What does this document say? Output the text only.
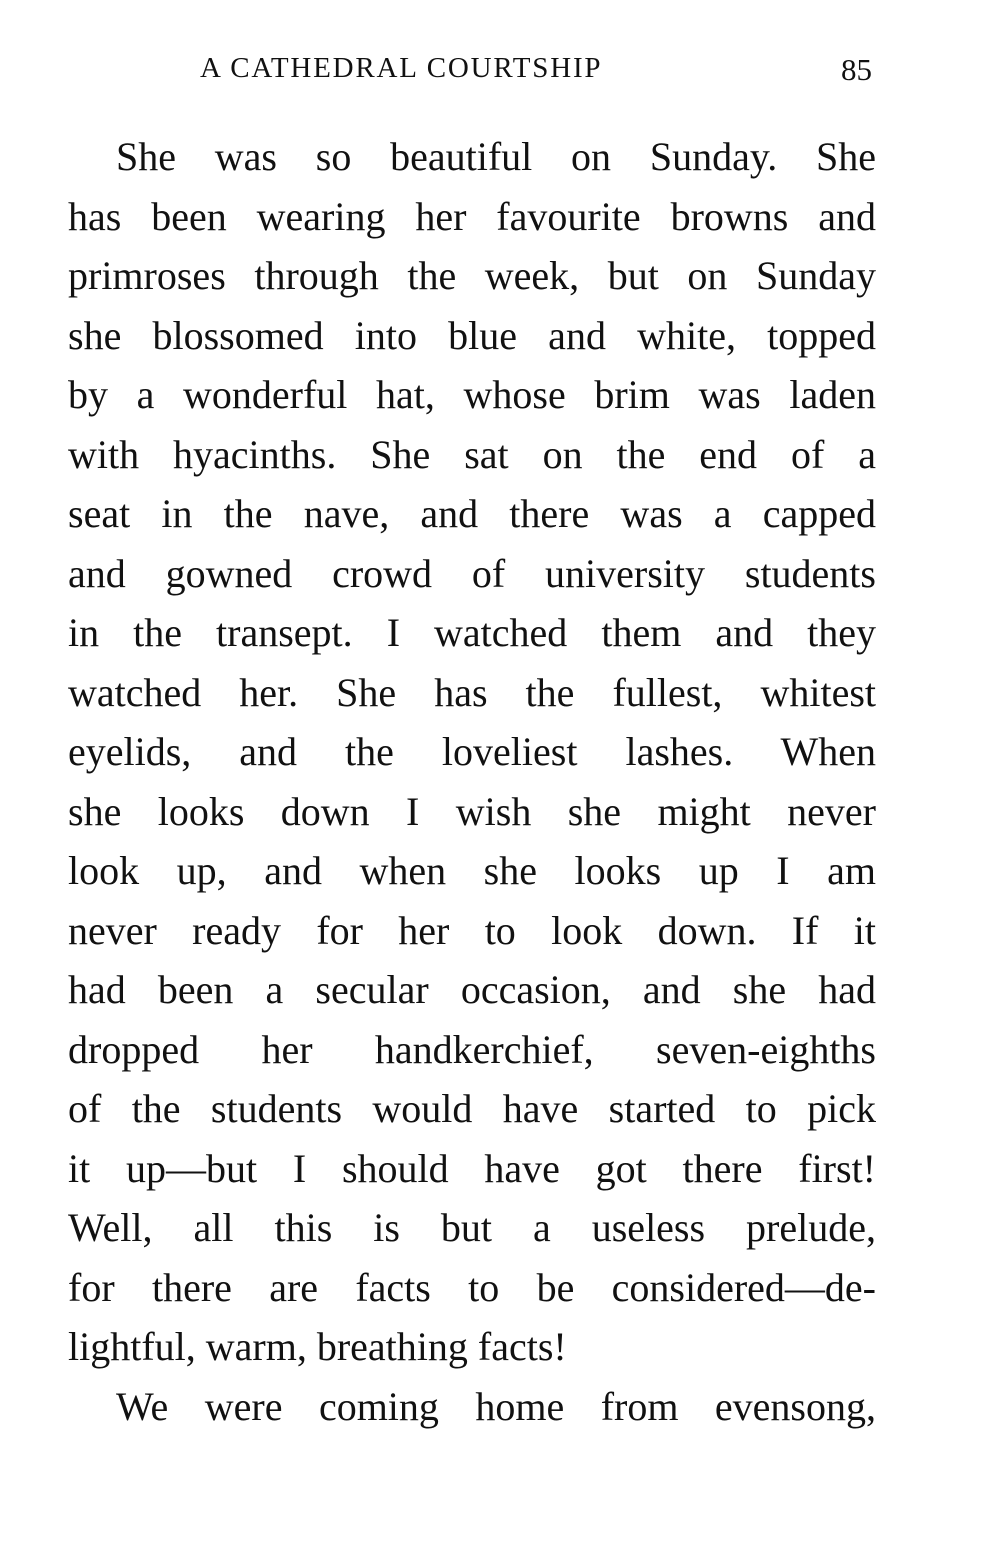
A CATHEDRAL COURTSHIP	85
She was so beautiful on Sunday. She
has been wearing her favourite browns and
primroses through the week, but on Sunday
she blossomed into blue and white, topped
by a wonderful hat, whose brim was laden
with hyacinths. She sat on the end of a
seat in the nave, and there was a capped
and gowned crowd of university students
in the transept. I watched them and they
watched her. She has the fullest, whitest
eyelids, and the loveliest lashes. When
she looks down I wish she might never
look up, and when she looks up I am
never ready for her to look down. If it
had been a secular occasion, and she had
dropped her handkerchief, seven-eighths
of the students would have started to pick
it up—but I should have got there first!
Well, all this is but a useless prelude,
for there are facts to be considered—de-
lightful, warm, breathing facts!
We were coming home from evensong,
